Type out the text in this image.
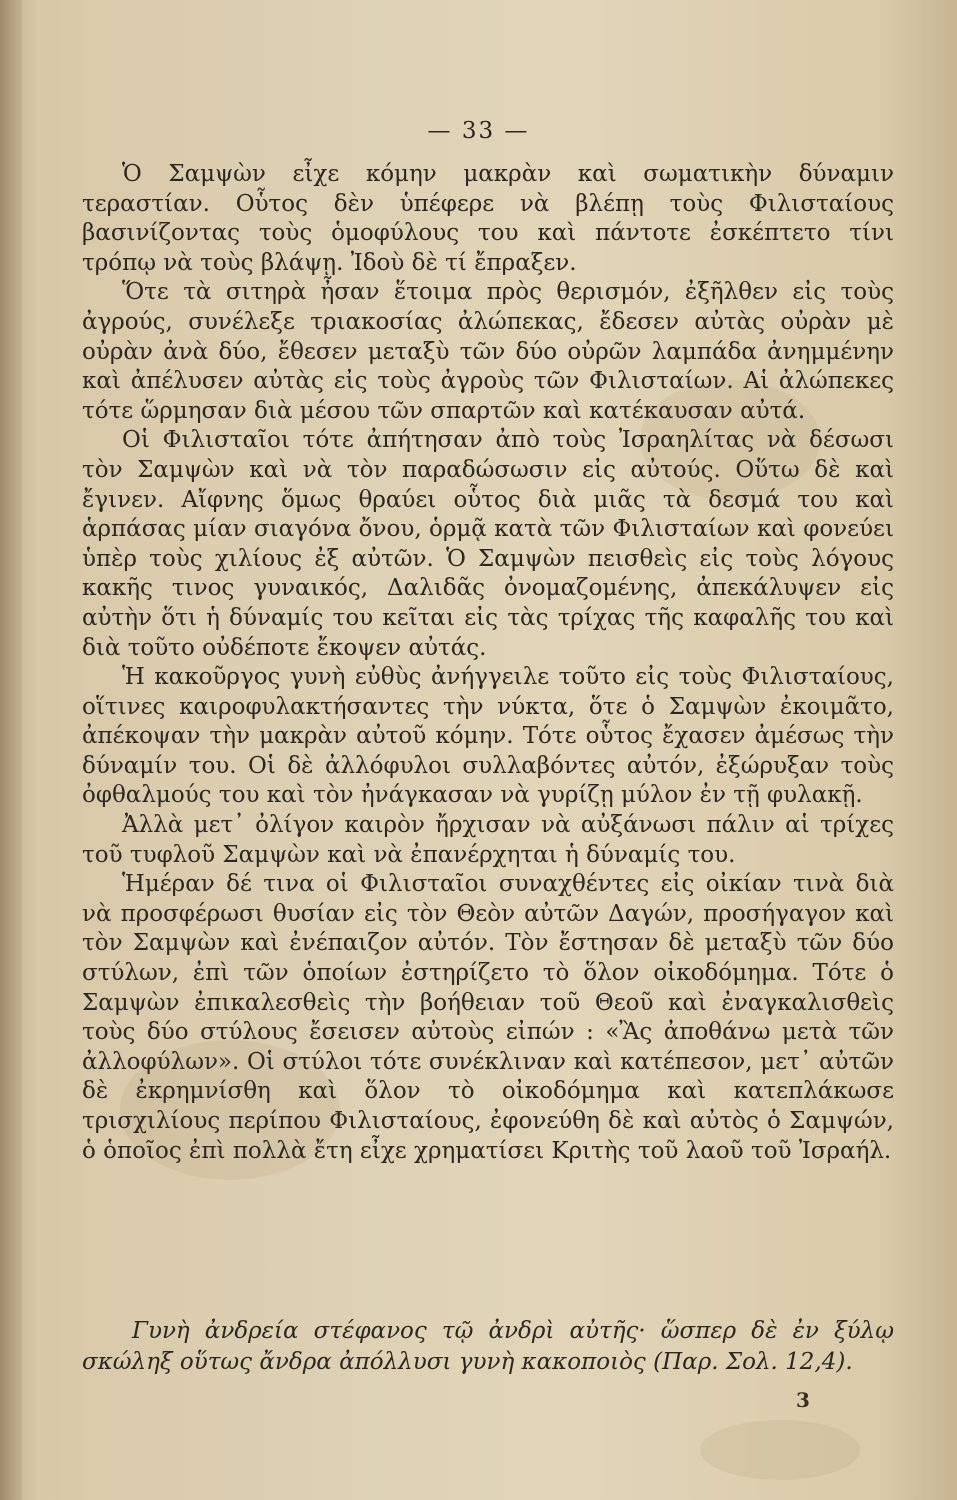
— 33 —

Ὁ Σαμψὼν εἶχε κόμην μακρὰν καὶ σωματικὴν δύναμιν τεραστίαν. Οὗτος δὲν ὑπέφερε νὰ βλέπῃ τοὺς Φιλισταίους βασινίζοντας τοὺς ὁμοφύλους του καὶ πάντοτε ἐσκέπτετο τίνι τρόπῳ νὰ τοὺς βλάψῃ. Ἰδοὺ δὲ τί ἔπραξεν.

Ὅτε τὰ σιτηρὰ ἦσαν ἕτοιμα πρὸς θερισμόν, ἐξῆλθεν εἰς τοὺς ἀγρούς, συνέλεξε τριακοσίας ἀλώπεκας, ἔδεσεν αὐτὰς οὐρὰν μὲ οὐρὰν ἀνὰ δύο, ἔθεσεν μεταξὺ τῶν δύο οὐρῶν λαμπάδα ἀνημμένην καὶ ἀπέλυσεν αὐτὰς εἰς τοὺς ἀγροὺς τῶν Φιλισταίων. Αἱ ἀλώπεκες τότε ὥρμησαν διὰ μέσου τῶν σπαρτῶν καὶ κατέκαυσαν αὐτά.

Οἱ Φιλισταῖοι τότε ἀπήτησαν ἀπὸ τοὺς Ἰσραηλίτας νὰ δέσωσι τὸν Σαμψὼν καὶ νὰ τὸν παραδώσωσιν εἰς αὐτούς. Οὕτω δὲ καὶ ἔγινεν. Αἴφνης ὅμως θραύει οὗτος διὰ μιᾶς τὰ δεσμά του καὶ ἁρπάσας μίαν σιαγόνα ὄνου, ὁρμᾷ κατὰ τῶν Φιλισταίων καὶ φονεύει ὑπὲρ τοὺς χιλίους ἐξ αὐτῶν. Ὁ Σαμψὼν πεισθεὶς εἰς τοὺς λόγους κακῆς τινος γυναικός, Δαλιδᾶς ὀνομαζομένης, ἀπεκάλυψεν εἰς αὐτὴν ὅτι ἡ δύναμίς του κεῖται εἰς τὰς τρίχας τῆς καφαλῆς του καὶ διὰ τοῦτο οὐδέποτε ἔκοψεν αὐτάς.

Ἡ κακοῦργος γυνὴ εὐθὺς ἀνήγγειλε τοῦτο εἰς τοὺς Φιλισταίους, οἵτινες καιροφυλακτήσαντες τὴν νύκτα, ὅτε ὁ Σαμψὼν ἐκοιμᾶτο, ἀπέκοψαν τὴν μακρὰν αὐτοῦ κόμην. Τότε οὗτος ἔχασεν ἀμέσως τὴν δύναμίν του. Οἱ δὲ ἀλλόφυλοι συλλαβόντες αὐτόν, ἐξώρυξαν τοὺς ὀφθαλμούς του καὶ τὸν ἠνάγκασαν νὰ γυρίζῃ μύλον ἐν τῇ φυλακῇ.

Ἀλλὰ μετ᾽ ὀλίγον καιρὸν ἤρχισαν νὰ αὐξάνωσι πάλιν αἱ τρίχες τοῦ τυφλοῦ Σαμψὼν καὶ νὰ ἐπανέρχηται ἡ δύναμίς του.

Ἡμέραν δέ τινα οἱ Φιλισταῖοι συναχθέντες εἰς οἰκίαν τινὰ διὰ νὰ προσφέρωσι θυσίαν εἰς τὸν Θεὸν αὐτῶν Δαγών, προσήγαγον καὶ τὸν Σαμψὼν καὶ ἐνέπαιζον αὐτόν. Τὸν ἔστησαν δὲ μεταξὺ τῶν δύο στύλων, ἐπὶ τῶν ὁποίων ἐστηρίζετο τὸ ὅλον οἰκοδόμημα. Τότε ὁ Σαμψὼν ἐπικαλεσθεὶς τὴν βοήθειαν τοῦ Θεοῦ καὶ ἐναγκαλισθεὶς τοὺς δύο στύλους ἔσεισεν αὐτοὺς εἰπών : «Ἂς ἀποθάνω μετὰ τῶν ἀλλοφύλων». Οἱ στύλοι τότε συνέκλιναν καὶ κατέπεσον, μετ᾽ αὐτῶν δὲ ἐκρημνίσθη καὶ ὅλον τὸ οἰκοδόμημα καὶ κατεπλάκωσε τρισχιλίους περίπου Φιλισταίους, ἐφονεύθη δὲ καὶ αὐτὸς ὁ Σαμψών, ὁ ὁποῖος ἐπὶ πολλὰ ἔτη εἶχε χρηματίσει Κριτὴς τοῦ λαοῦ τοῦ Ἰσραήλ.

Γυνὴ ἀνδρεία στέφανος τῷ ἀνδρὶ αὐτῆς· ὥσπερ δὲ ἐν ξύλῳ σκώληξ οὕτως ἄνδρα ἀπόλλυσι γυνὴ κακοποιὸς (Παρ. Σολ. 12,4).
3
